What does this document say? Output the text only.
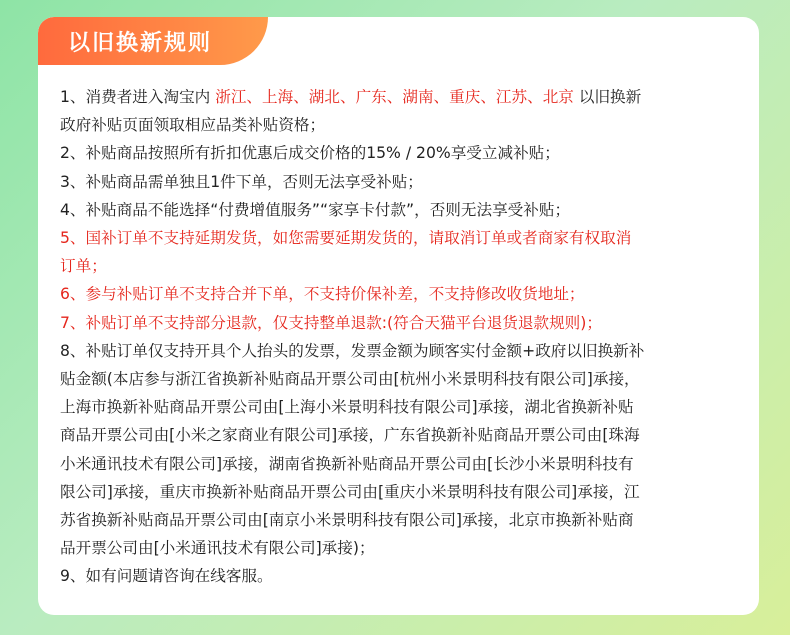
以旧换新规则

1、消费者进入淘宝内 浙江、上海、湖北、广东、湖南、重庆、江苏、北京 以旧换新

政府补贴页面领取相应品类补贴资格；

2、补贴商品按照所有折扣优惠后成交价格的15% / 20%享受立减补贴；

3、补贴商品需单独且1件下单，否则无法享受补贴；

4、补贴商品不能选择“付费增值服务”“家享卡付款”，否则无法享受补贴；

5、国补订单不支持延期发货，如您需要延期发货的，请取消订单或者商家有权取消

订单；

6、参与补贴订单不支持合并下单，不支持价保补差，不支持修改收货地址；

7、补贴订单不支持部分退款，仅支持整单退款:(符合天猫平台退货退款规则)；

8、补贴订单仅支持开具个人抬头的发票，发票金额为顾客实付金额+政府以旧换新补

贴金额(本店参与浙江省换新补贴商品开票公司由[杭州小米景明科技有限公司]承接，

上海市换新补贴商品开票公司由[上海小米景明科技有限公司]承接，湖北省换新补贴

商品开票公司由[小米之家商业有限公司]承接，广东省换新补贴商品开票公司由[珠海

小米通讯技术有限公司]承接，湖南省换新补贴商品开票公司由[长沙小米景明科技有

限公司]承接，重庆市换新补贴商品开票公司由[重庆小米景明科技有限公司]承接，江

苏省换新补贴商品开票公司由[南京小米景明科技有限公司]承接，北京市换新补贴商

品开票公司由[小米通讯技术有限公司]承接)；

9、如有问题请咨询在线客服。
